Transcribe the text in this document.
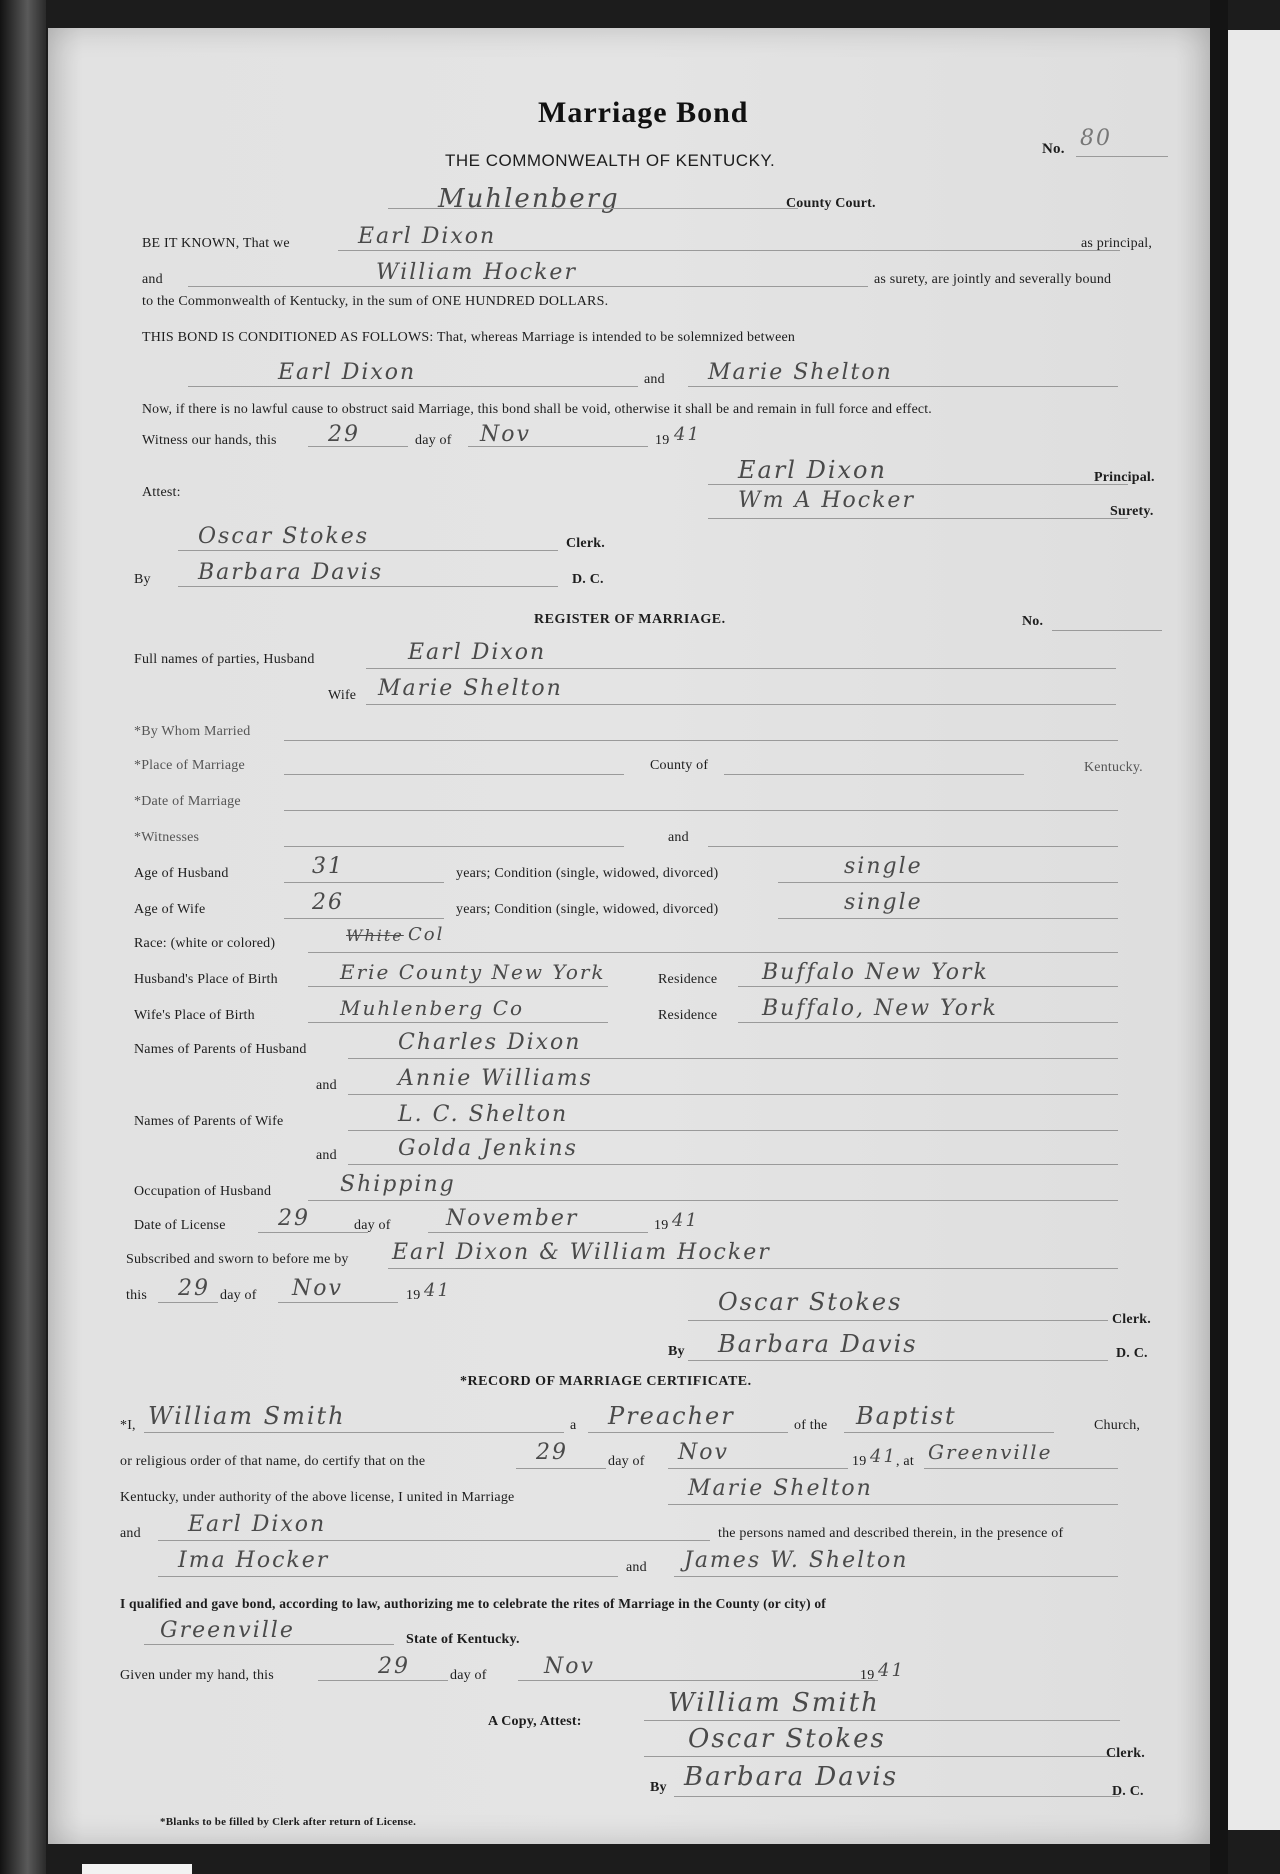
Marriage Bond
THE COMMONWEALTH OF KENTUCKY.
No. 80
Muhlenberg	County Court.
BE IT KNOWN, That we	Earl Dixon	as principal,
and	William Hocker	as surety, are jointly and severally bound
to the Commonwealth of Kentucky, in the sum of ONE HUNDRED DOLLARS.
THIS BOND IS CONDITIONED AS FOLLOWS: That, whereas Marriage is intended to be solemnized between
Earl Dixon	and Marie Shelton
Now, if there is no lawful cause to obstruct said Marriage, this bond shall be void, otherwise it shall be and remain in full force and effect.
Witness our hands, this 29	day of Nov	19 41
Earl Dixon	Principal.
Attest:	Wm A Hocker	Surety.
Oscar Stokes	Clerk.
By Barbara Davis	D. C.
REGISTER OF MARRIAGE.	No.
Full names of parties, Husband	Earl Dixon
Wife Marie Shelton
*By Whom Married
*Place of Marriage	County of	Kentucky.
*Date of Marriage
*Witnesses	and
Age of Husband	31	years; Condition (single, widowed, divorced)	single
Age of Wife	26	years; Condition (single, widowed, divorced)	single
Race: (white or colored)	White Col
Husband's Place of Birth	Erie County New York	Residence Buffalo New York
Wife's Place of Birth	Muhlenberg Co	Residence Buffalo, New York
Names of Parents of Husband	Charles Dixon
and	Annie Williams
Names of Parents of Wife	L. C. Shelton
and	Golda Jenkins
Occupation of Husband	Shipping
Date of License 29	day of	November	19 41
Subscribed and sworn to before me by Earl Dixon & William Hocker
this 29 day of Nov	19 41	Oscar Stokes
Clerk.
By Barbara Davis	D. C.
*RECORD OF MARRIAGE CERTIFICATE.
*I, William Smith	a Preacher	of the Baptist	Church,
or religious order of that name, do certify that on the	29	day of Nov	19 41 , at Greenville
Kentucky, under authority of the above license, I united in Marriage	Marie Shelton
and Earl Dixon	the persons named and described therein, in the presence of
Ima Hocker	and James W. Shelton
I qualified and gave bond, according to law, authorizing me to celebrate the rites of Marriage in the County (or city) of
Greenville	State of Kentucky.
Given under my hand, this	29	day of	Nov	19 41
William Smith
A Copy, Attest:
Oscar Stokes	Clerk.
By Barbara Davis	D. C.
*Blanks to be filled by Clerk after return of License.
